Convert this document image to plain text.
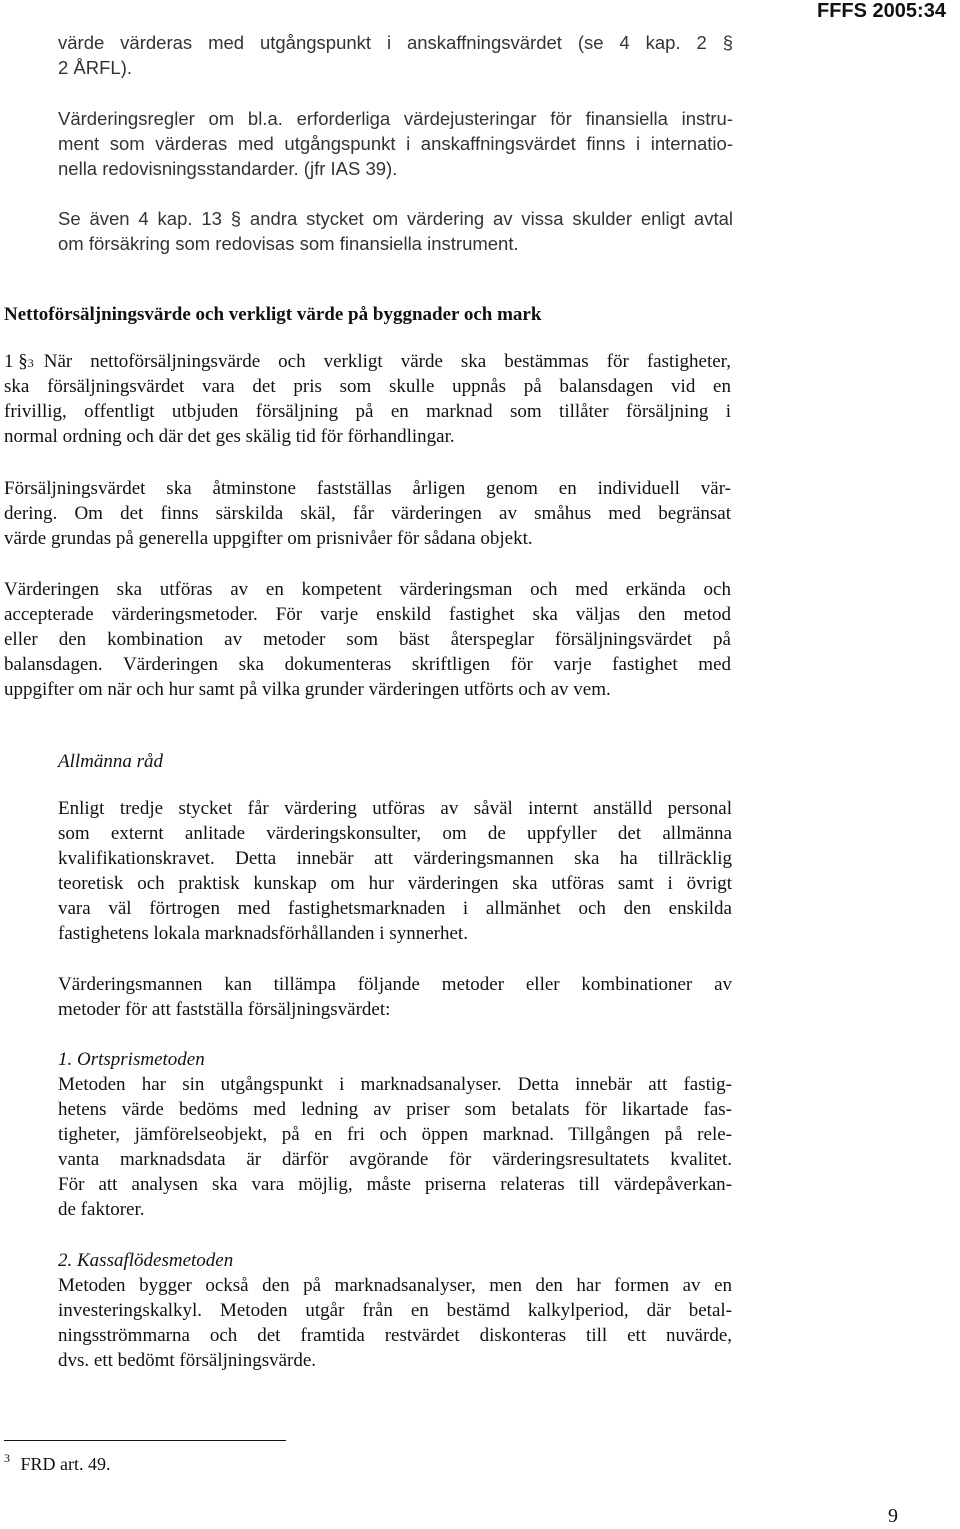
FFFS 2005:34
värde värderas med utgångspunkt i anskaffningsvärdet (se 4 kap. 2 §
2 ÅRFL).
Värderingsregler om bl.a. erforderliga värdejusteringar för finansiella instru-
ment som värderas med utgångspunkt i anskaffningsvärdet finns i internatio-
nella redovisningsstandarder. (jfr IAS 39).
Se även 4 kap. 13 § andra stycket om värdering av vissa skulder enligt avtal
om försäkring som redovisas som finansiella instrument.
Nettoförsäljningsvärde och verkligt värde på byggnader och mark
1 § 3 När nettoförsäljningsvärde och verkligt värde ska bestämmas för fastigheter,
ska försäljningsvärdet vara det pris som skulle uppnås på balansdagen vid en
frivillig, offentligt utbjuden försäljning på en marknad som tillåter försäljning i
normal ordning och där det ges skälig tid för förhandlingar.
Försäljningsvärdet ska åtminstone fastställas årligen genom en individuell vär-
dering. Om det finns särskilda skäl, får värderingen av småhus med begränsat
värde grundas på generella uppgifter om prisnivåer för sådana objekt.
Värderingen ska utföras av en kompetent värderingsman och med erkända och
accepterade värderingsmetoder. För varje enskild fastighet ska väljas den metod
eller den kombination av metoder som bäst återspeglar försäljningsvärdet på
balansdagen. Värderingen ska dokumenteras skriftligen för varje fastighet med
uppgifter om när och hur samt på vilka grunder värderingen utförts och av vem.
Allmänna råd
Enligt tredje stycket får värdering utföras av såväl internt anställd personal
som externt anlitade värderingskonsulter, om de uppfyller det allmänna
kvalifikationskravet. Detta innebär att värderingsmannen ska ha tillräcklig
teoretisk och praktisk kunskap om hur värderingen ska utföras samt i övrigt
vara väl förtrogen med fastighetsmarknaden i allmänhet och den enskilda
fastighetens lokala marknadsförhållanden i synnerhet.
Värderingsmannen kan tillämpa följande metoder eller kombinationer av
metoder för att fastställa försäljningsvärdet:
1. Ortsprismetoden
Metoden har sin utgångspunkt i marknadsanalyser. Detta innebär att fastig-
hetens värde bedöms med ledning av priser som betalats för likartade fas-
tigheter, jämförelseobjekt, på en fri och öppen marknad. Tillgången på rele-
vanta marknadsdata är därför avgörande för värderingsresultatets kvalitet.
För att analysen ska vara möjlig, måste priserna relateras till värdepåverkan-
de faktorer.
2. Kassaflödesmetoden
Metoden bygger också den på marknadsanalyser, men den har formen av en
investeringskalkyl. Metoden utgår från en bestämd kalkylperiod, där betal-
ningsströmmarna och det framtida restvärdet diskonteras till ett nuvärde,
dvs. ett bedömt försäljningsvärde.
$^3$ FRD art. 49.
9
